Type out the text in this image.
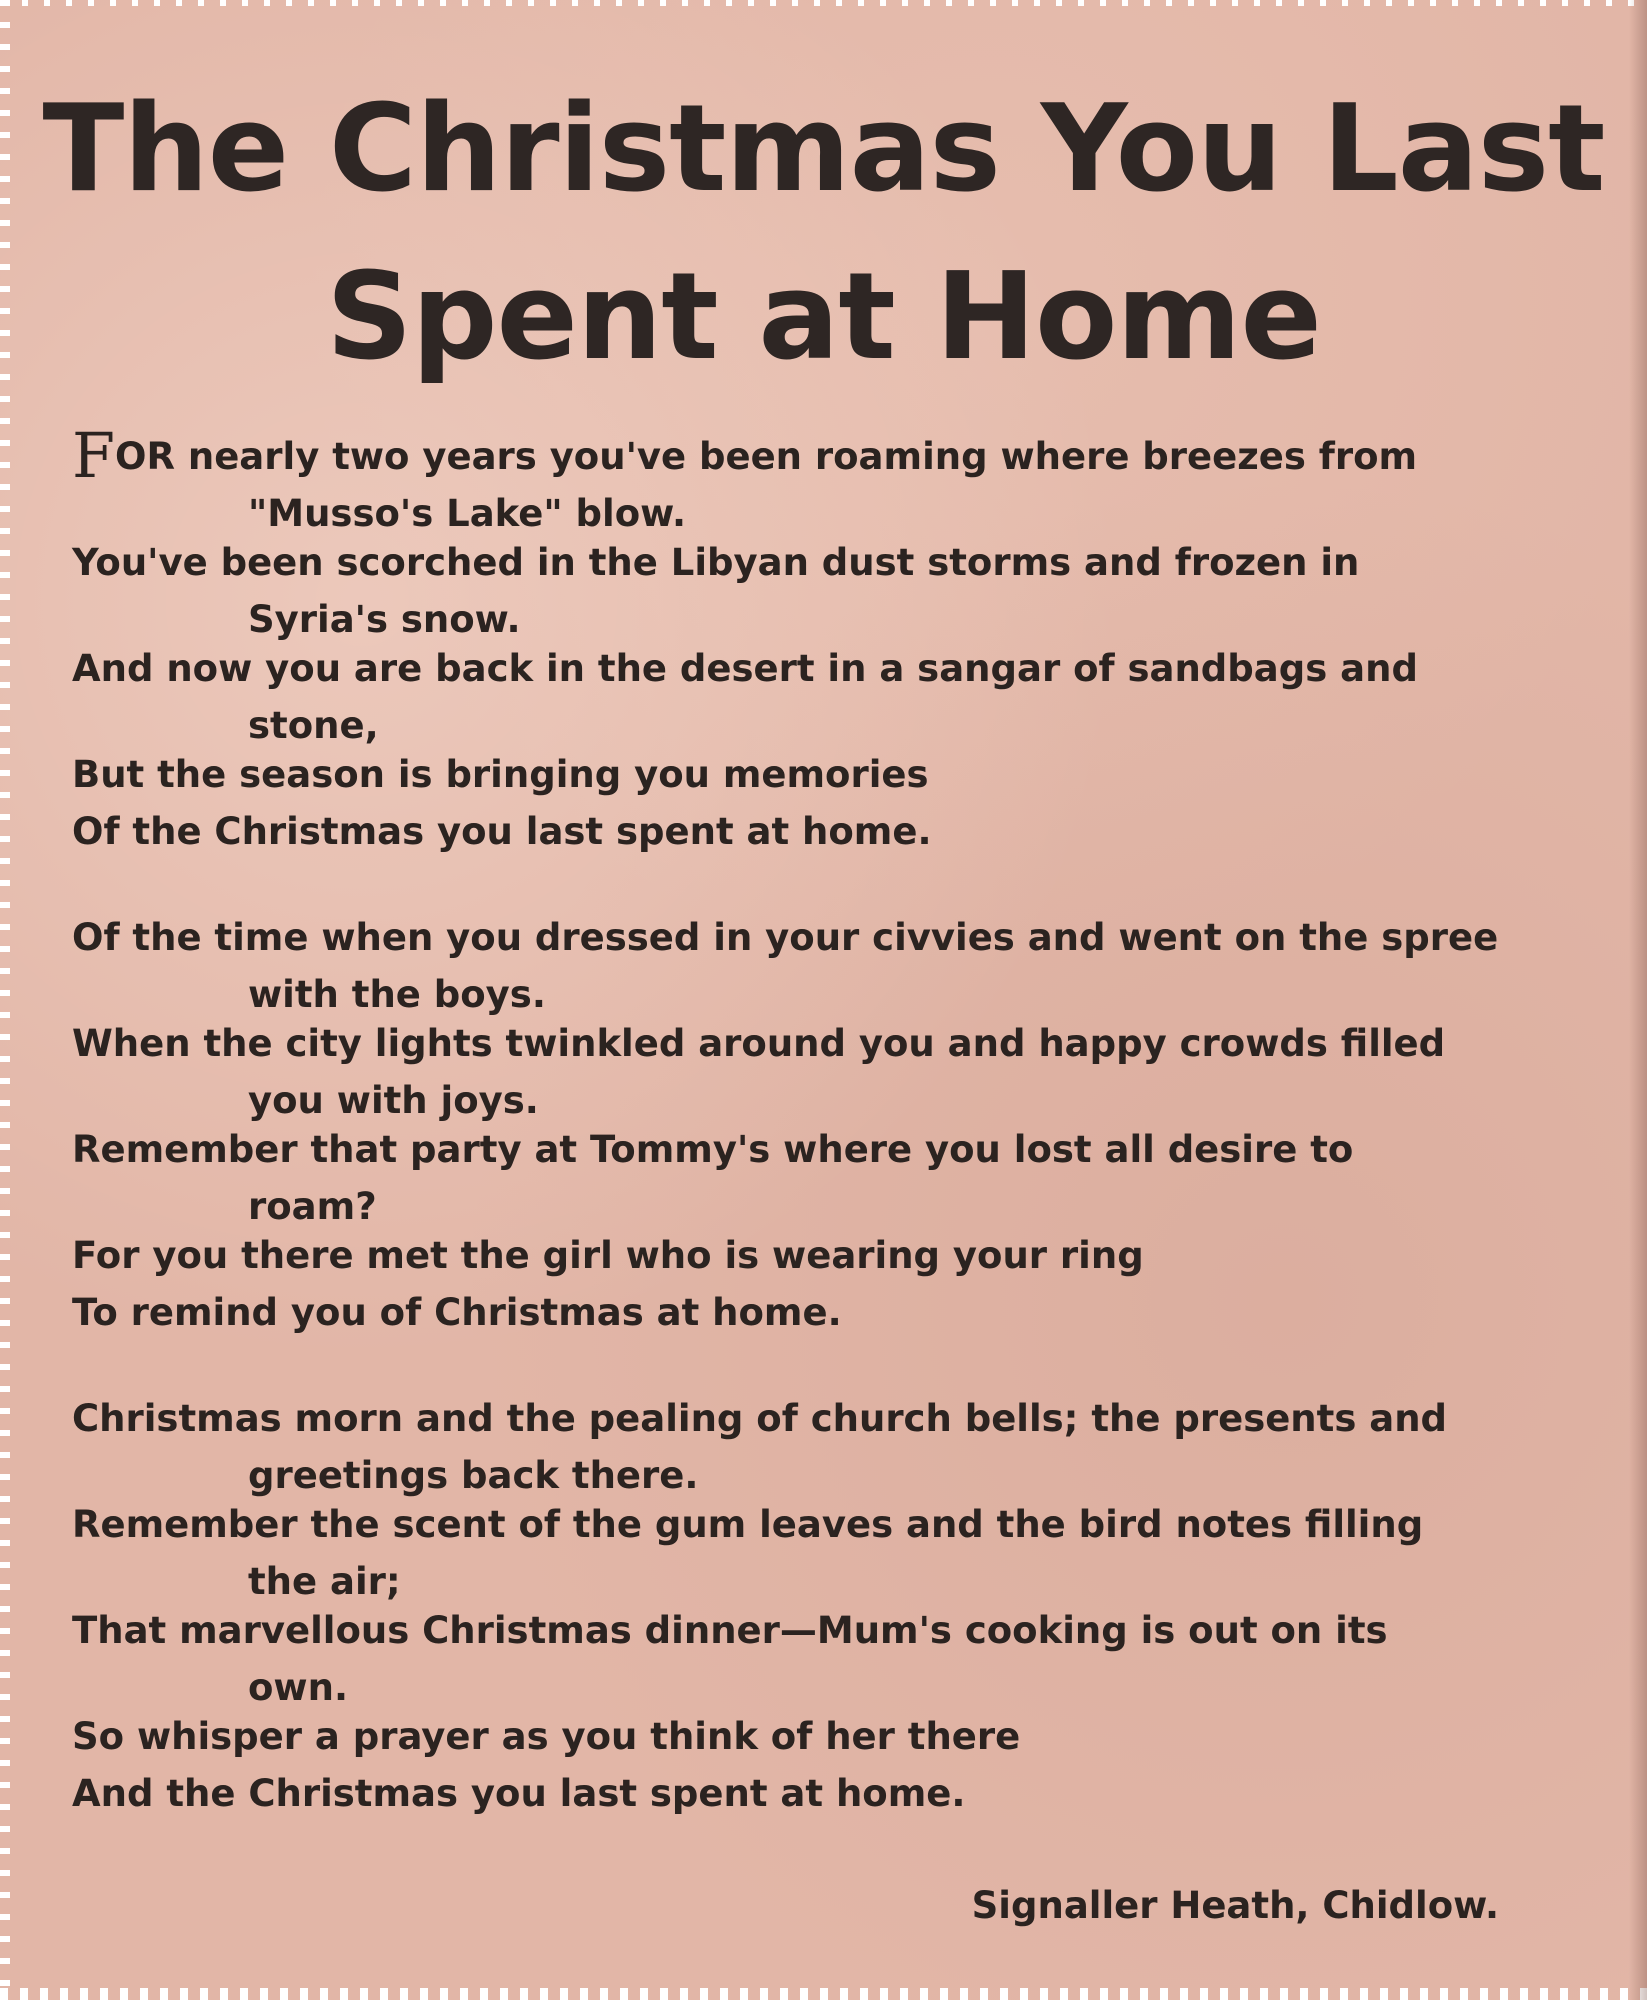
The Christmas You Last
Spent at Home
FOR nearly two years you've been roaming where breezes from
"Musso's Lake" blow.
You've been scorched in the Libyan dust storms and frozen in
Syria's snow.
And now you are back in the desert in a sangar of sandbags and
stone,
But the season is bringing you memories
Of the Christmas you last spent at home.
Of the time when you dressed in your civvies and went on the spree
with the boys.
When the city lights twinkled around you and happy crowds filled
you with joys.
Remember that party at Tommy's where you lost all desire to
roam?
For you there met the girl who is wearing your ring
To remind you of Christmas at home.
Christmas morn and the pealing of church bells; the presents and
greetings back there.
Remember the scent of the gum leaves and the bird notes filling
the air;
That marvellous Christmas dinner—Mum's cooking is out on its
own.
So whisper a prayer as you think of her there
And the Christmas you last spent at home.
Signaller Heath, Chidlow.
